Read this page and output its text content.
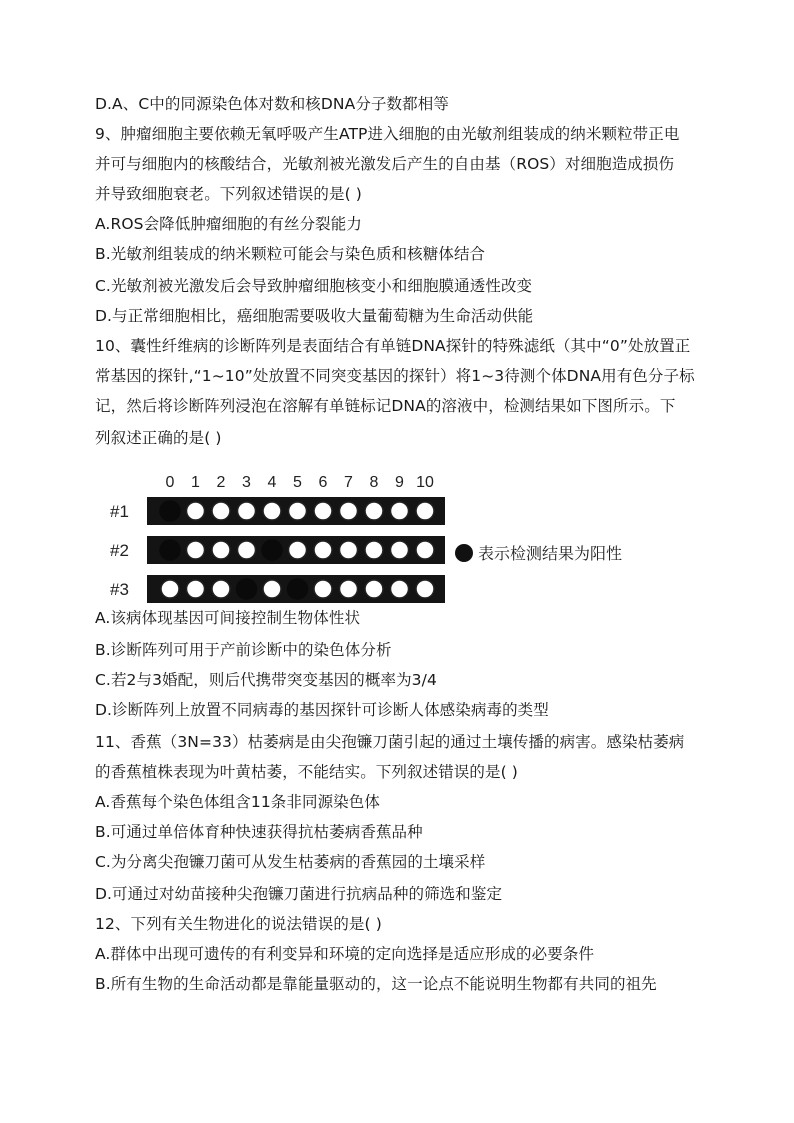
D.A、C中的同源染色体对数和核DNA分子数都相等
9、肿瘤细胞主要依赖无氧呼吸产生ATP进入细胞的由光敏剂组装成的纳米颗粒带正电
并可与细胞内的核酸结合，光敏剂被光激发后产生的自由基（ROS）对细胞造成损伤
并导致细胞衰老。下列叙述错误的是( )
A.ROS会降低肿瘤细胞的有丝分裂能力
B.光敏剂组装成的纳米颗粒可能会与染色质和核糖体结合
C.光敏剂被光激发后会导致肿瘤细胞核变小和细胞膜通透性改变
D.与正常细胞相比，癌细胞需要吸收大量葡萄糖为生命活动供能
10、囊性纤维病的诊断阵列是表面结合有单链DNA探针的特殊滤纸（其中“0”处放置正
常基因的探针,“1~10”处放置不同突变基因的探针）将1~3待测个体DNA用有色分子标
记，然后将诊断阵列浸泡在溶解有单链标记DNA的溶液中，检测结果如下图所示。下
列叙述正确的是( )
A.该病体现基因可间接控制生物体性状
B.诊断阵列可用于产前诊断中的染色体分析
C.若2与3婚配，则后代携带突变基因的概率为3/4
D.诊断阵列上放置不同病毒的基因探针可诊断人体感染病毒的类型
11、香蕉（3N=33）枯萎病是由尖孢镰刀菌引起的通过土壤传播的病害。感染枯萎病
的香蕉植株表现为叶黄枯萎，不能结实。下列叙述错误的是( )
A.香蕉每个染色体组含11条非同源染色体
B.可通过单倍体育种快速获得抗枯萎病香蕉品种
C.为分离尖孢镰刀菌可从发生枯萎病的香蕉园的土壤采样
D.可通过对幼苗接种尖孢镰刀菌进行抗病品种的筛选和鉴定
12、下列有关生物进化的说法错误的是( )
A.群体中出现可遗传的有利变异和环境的定向选择是适应形成的必要条件
B.所有生物的生命活动都是靠能量驱动的，这一论点不能说明生物都有共同的祖先
0 1 2 3 4 5 6 7 8 9 10
#1
#2
#3
表示检测结果为阳性
